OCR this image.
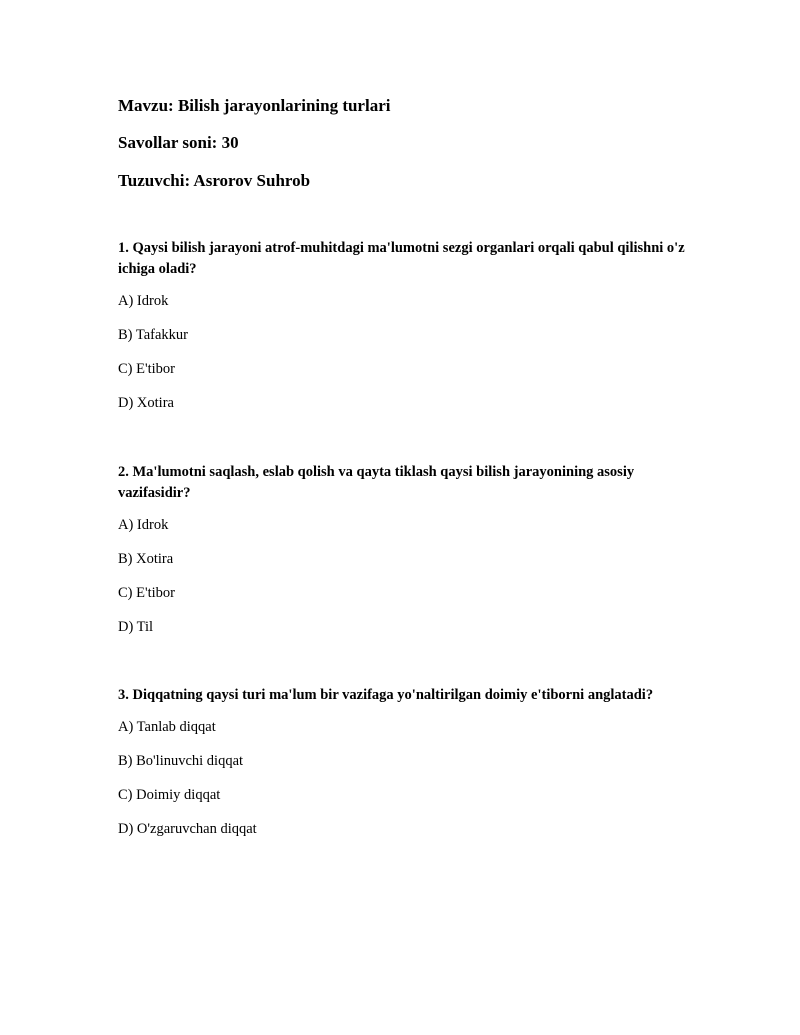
Mavzu: Bilish jarayonlarining turlari
Savollar soni: 30
Tuzuvchi: Asrorov Suhrob

1. Qaysi bilish jarayoni atrof-muhitdagi ma'lumotni sezgi organlari orqali qabul qilishni o'z ichiga oladi?

A) Idrok
B) Tafakkur
C) E'tibor
D) Xotira

2. Ma'lumotni saqlash, eslab qolish va qayta tiklash qaysi bilish jarayonining asosiy vazifasidir?

A) Idrok
B) Xotira
C) E'tibor
D) Til

3. Diqqatning qaysi turi ma'lum bir vazifaga yo'naltirilgan doimiy e'tiborni anglatadi?

A) Tanlab diqqat
B) Bo'linuvchi diqqat
C) Doimiy diqqat
D) O'zgaruvchan diqqat
